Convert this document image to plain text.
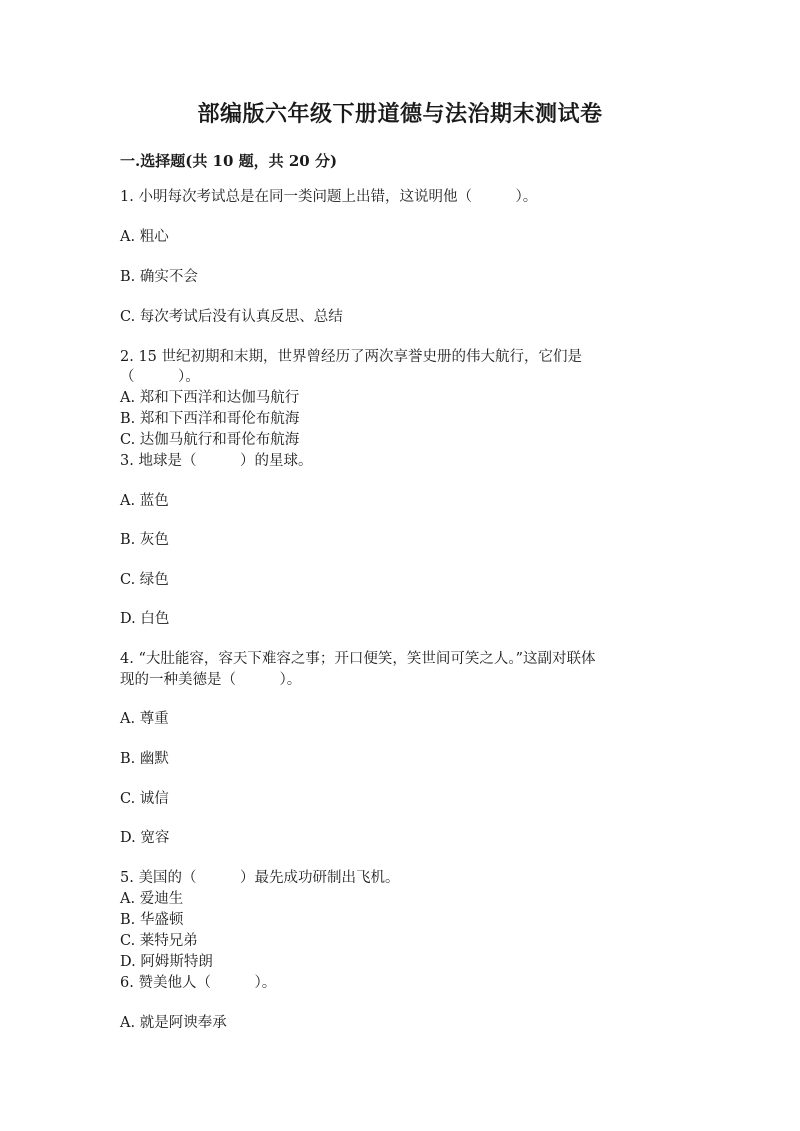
部编版六年级下册道德与法治期末测试卷
一.选择题(共 10 题，共 20 分)
1. 小明每次考试总是在同一类问题上出错，这说明他（　　　）。
A. 粗心
B. 确实不会
C. 每次考试后没有认真反思、总结
2. 15 世纪初期和末期，世界曾经历了两次享誉史册的伟大航行，它们是
（　　　）。
A. 郑和下西洋和达伽马航行
B. 郑和下西洋和哥伦布航海
C. 达伽马航行和哥伦布航海
3. 地球是（　　　）的星球。
A. 蓝色
B. 灰色
C. 绿色
D. 白色
4. “大肚能容，容天下难容之事；开口便笑，笑世间可笑之人。”这副对联体
现的一种美德是（　　　）。
A. 尊重
B. 幽默
C. 诚信
D. 宽容
5. 美国的（　　　）最先成功研制出飞机。
A. 爱迪生
B. 华盛顿
C. 莱特兄弟
D. 阿姆斯特朗
6. 赞美他人（　　　）。
A. 就是阿谀奉承
